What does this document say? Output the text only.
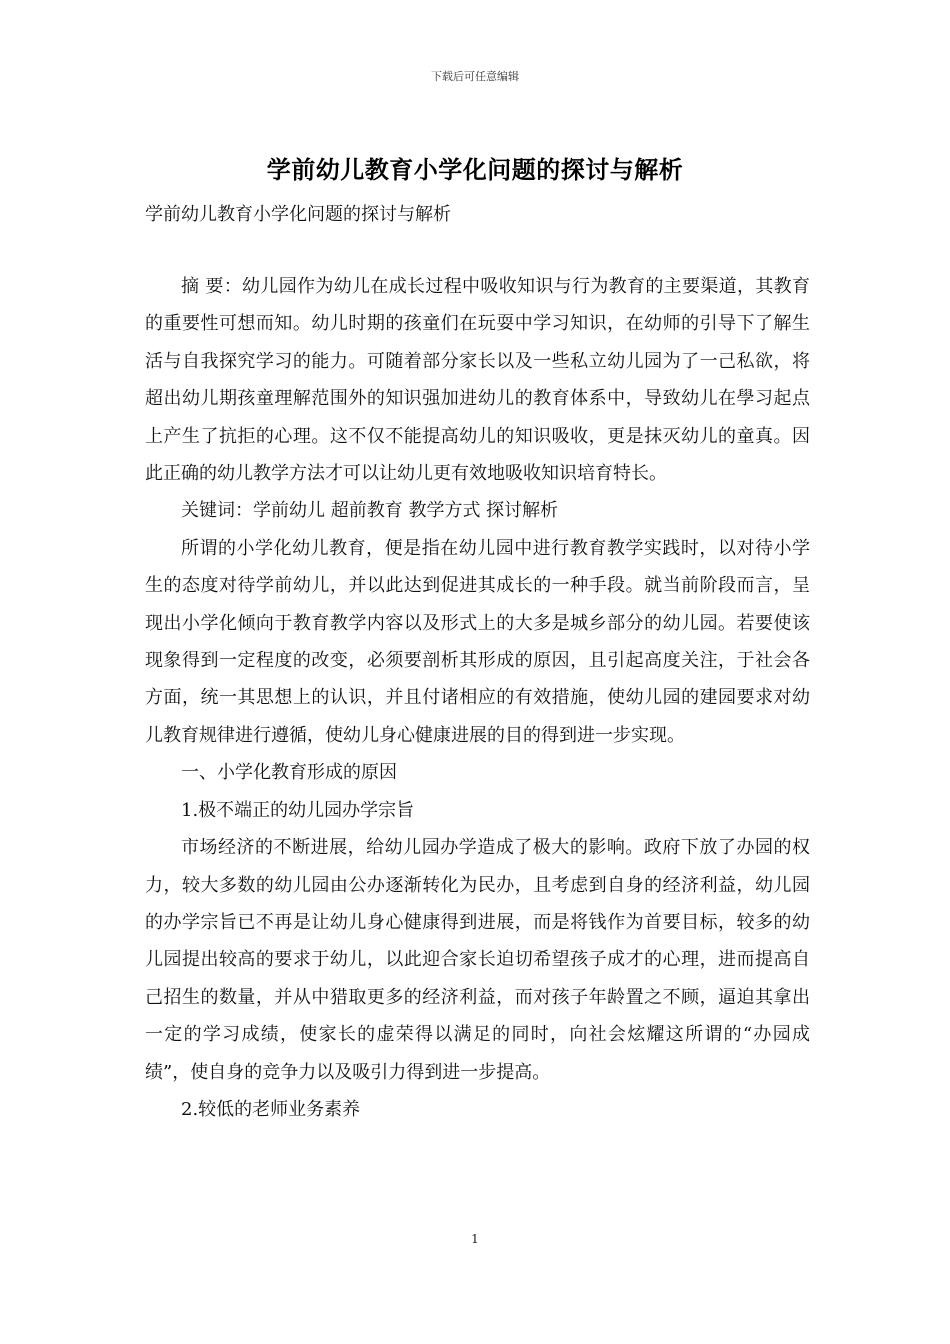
下载后可任意编辑
学前幼儿教育小学化问题的探讨与解析
学前幼儿教育小学化问题的探讨与解析

摘 要：幼儿园作为幼儿在成长过程中吸收知识与行为教育的主要渠道，其教育的重要性可想而知。幼儿时期的孩童们在玩耍中学习知识，在幼师的引导下了解生活与自我探究学习的能力。可随着部分家长以及一些私立幼儿园为了一己私欲，将超出幼儿期孩童理解范围外的知识强加进幼儿的教育体系中，导致幼儿在學习起点上产生了抗拒的心理。这不仅不能提高幼儿的知识吸收，更是抹灭幼儿的童真。因此正确的幼儿教学方法才可以让幼儿更有效地吸收知识培育特长。

关键词：学前幼儿 超前教育 教学方式 探讨解析

所谓的小学化幼儿教育，便是指在幼儿园中进行教育教学实践时，以对待小学生的态度对待学前幼儿，并以此达到促进其成长的一种手段。就当前阶段而言，呈现出小学化倾向于教育教学内容以及形式上的大多是城乡部分的幼儿园。若要使该现象得到一定程度的改变，必须要剖析其形成的原因，且引起高度关注，于社会各方面，统一其思想上的认识，并且付诸相应的有效措施，使幼儿园的建园要求对幼儿教育规律进行遵循，使幼儿身心健康进展的目的得到进一步实现。

一、小学化教育形成的原因

1.极不端正的幼儿园办学宗旨

市场经济的不断进展，给幼儿园办学造成了极大的影响。政府下放了办园的权力，较大多数的幼儿园由公办逐渐转化为民办，且考虑到自身的经济利益，幼儿园的办学宗旨已不再是让幼儿身心健康得到进展，而是将钱作为首要目标，较多的幼儿园提出较高的要求于幼儿，以此迎合家长迫切希望孩子成才的心理，进而提高自己招生的数量，并从中猎取更多的经济利益，而对孩子年龄置之不顾，逼迫其拿出一定的学习成绩，使家长的虚荣得以满足的同时，向社会炫耀这所谓的“办园成绩”，使自身的竞争力以及吸引力得到进一步提高。

2.较低的老师业务素养

1
